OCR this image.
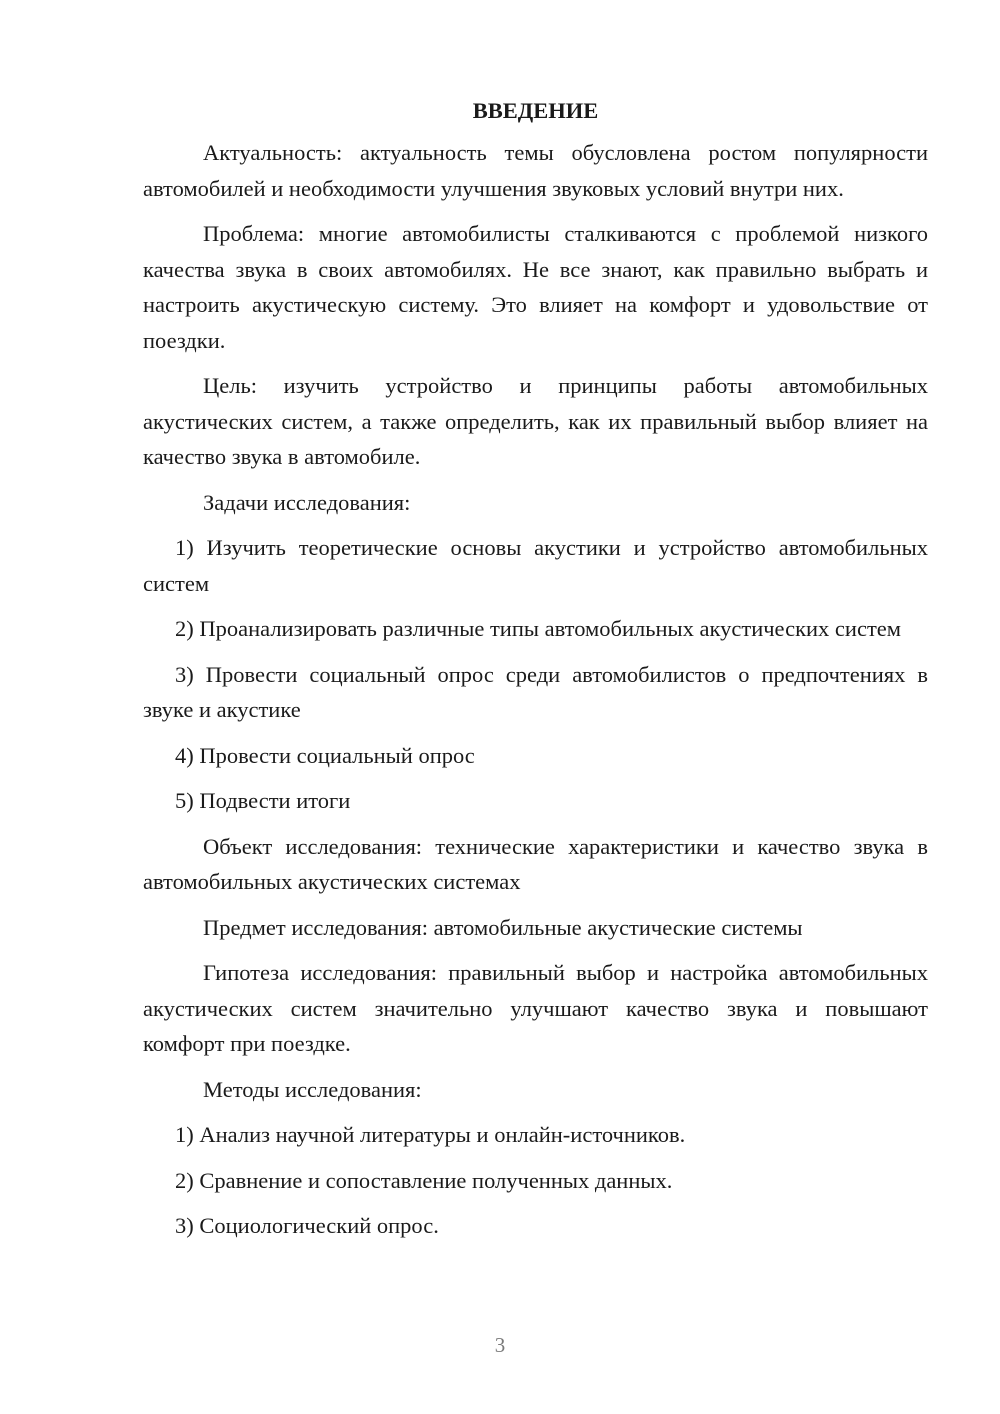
ВВЕДЕНИЕ

Актуальность: актуальность темы обусловлена ростом популярности автомобилей и необходимости улучшения звуковых условий внутри них.

Проблема: многие автомобилисты сталкиваются с проблемой низкого качества звука в своих автомобилях. Не все знают, как правильно выбрать и настроить акустическую систему. Это влияет на комфорт и удовольствие от поездки.

Цель: изучить устройство и принципы работы автомобильных акустических систем, а также определить, как их правильный выбор влияет на качество звука в автомобиле.

Задачи исследования:

1) Изучить теоретические основы акустики и устройство автомобильных систем

2) Проанализировать различные типы автомобильных акустических систем

3) Провести социальный опрос среди автомобилистов о предпочтениях в звуке и акустике

4) Провести социальный опрос

5) Подвести итоги

Объект исследования: технические характеристики и качество звука в автомобильных акустических системах

Предмет исследования: автомобильные акустические системы

Гипотеза исследования: правильный выбор и настройка автомобильных акустических систем значительно улучшают качество звука и повышают комфорт при поездке.

Методы исследования:

1) Анализ научной литературы и онлайн-источников.

2) Сравнение и сопоставление полученных данных.

3) Социологический опрос.

3
